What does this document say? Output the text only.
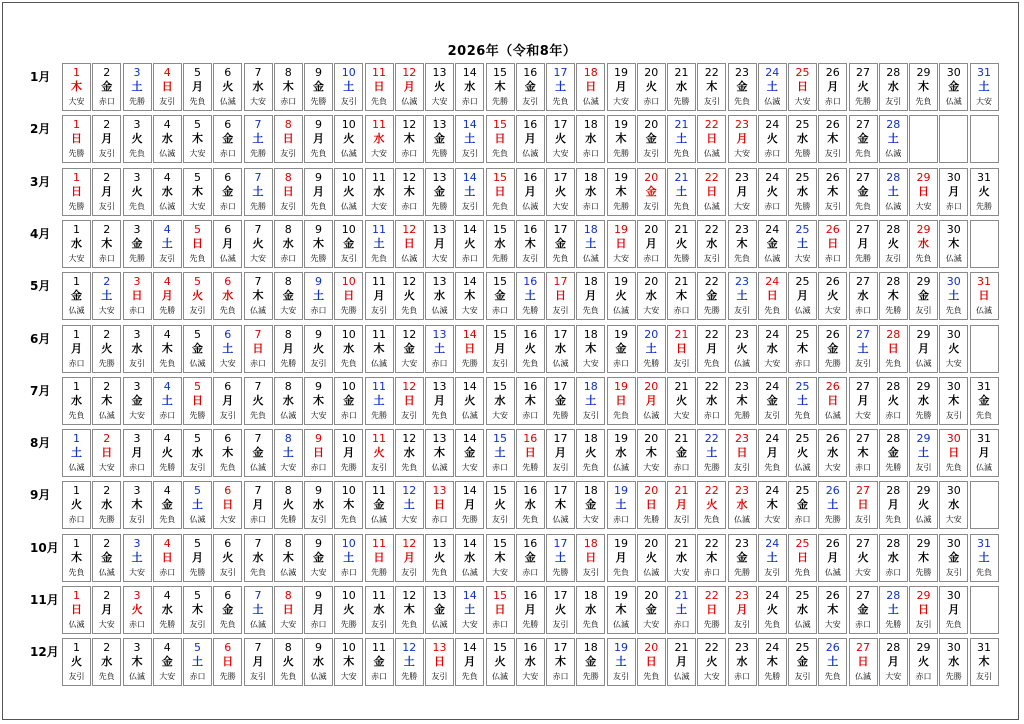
2026年（令和8年）
1月	1
木
大安
2
金
赤口
3
土
先勝
4
日
友引
5
月
先負
6
火
仏滅
7
水
大安
8
木
赤口
9
金
先勝
10
土
友引
11
日
先負
12
月
仏滅
13
火
大安
14
水
赤口
15
木
先勝
16
金
友引
17
土
先負
18
日
仏滅
19
月
大安
20
火
赤口
21
水
先勝
22
木
友引
23
金
先負
24
土
仏滅
25
日
大安
26
月
赤口
27
火
先勝
28
水
友引
29
木
先負
30
金
仏滅
31
土
大安
2月	1
日
先勝
2
月
友引
3
火
先負
4
水
仏滅
5
木
大安
6
金
赤口
7
土
先勝
8
日
友引
9
月
先負
10
火
仏滅
11
水
大安
12
木
赤口
13
金
先勝
14
土
友引
15
日
先負
16
月
仏滅
17
火
大安
18
水
赤口
19
木
先勝
20
金
友引
21
土
先負
22
日
仏滅
23
月
大安
24
火
赤口
25
水
先勝
26
木
友引
27
金
先負
28
土
仏滅
3月	1
日
先勝
2
月
友引
3
火
先負
4
水
仏滅
5
木
大安
6
金
赤口
7
土
先勝
8
日
友引
9
月
先負
10
火
仏滅
11
水
大安
12
木
赤口
13
金
先勝
14
土
友引
15
日
先負
16
月
仏滅
17
火
大安
18
水
赤口
19
木
先勝
20
金
友引
21
土
先負
22
日
仏滅
23
月
大安
24
火
赤口
25
水
先勝
26
木
友引
27
金
先負
28
土
仏滅
29
日
大安
30
月
赤口
31
火
先勝
4月	1
水
大安
2
木
赤口
3
金
先勝
4
土
友引
5
日
先負
6
月
仏滅
7
火
大安
8
水
赤口
9
木
先勝
10
金
友引
11
土
先負
12
日
仏滅
13
月
大安
14
火
赤口
15
水
先勝
16
木
友引
17
金
先負
18
土
仏滅
19
日
大安
20
月
赤口
21
火
先勝
22
水
友引
23
木
先負
24
金
仏滅
25
土
大安
26
日
赤口
27
月
先勝
28
火
友引
29
水
先負
30
木
仏滅
5月	1
金
仏滅
2
土
大安
3
日
赤口
4
月
先勝
5
火
友引
6
水
先負
7
木
仏滅
8
金
大安
9
土
赤口
10
日
先勝
11
月
友引
12
火
先負
13
水
仏滅
14
木
大安
15
金
赤口
16
土
先勝
17
日
友引
18
月
先負
19
火
仏滅
20
水
大安
21
木
赤口
22
金
先勝
23
土
友引
24
日
先負
25
月
仏滅
26
火
大安
27
水
赤口
28
木
先勝
29
金
友引
30
土
先負
31
日
仏滅
6月	1
月
赤口
2
火
先勝
3
水
友引
4
木
先負
5
金
仏滅
6
土
大安
7
日
赤口
8
月
先勝
9
火
友引
10
水
先負
11
木
仏滅
12
金
大安
13
土
赤口
14
日
先勝
15
月
友引
16
火
先負
17
水
仏滅
18
木
大安
19
金
赤口
20
土
先勝
21
日
友引
22
月
先負
23
火
仏滅
24
水
大安
25
木
赤口
26
金
先勝
27
土
友引
28
日
先負
29
月
仏滅
30
火
大安
7月	1
水
先負
2
木
仏滅
3
金
大安
4
土
赤口
5
日
先勝
6
月
友引
7
火
先負
8
水
仏滅
9
木
大安
10
金
赤口
11
土
先勝
12
日
友引
13
月
先負
14
火
仏滅
15
水
大安
16
木
赤口
17
金
先勝
18
土
友引
19
日
先負
20
月
仏滅
21
火
大安
22
水
赤口
23
木
先勝
24
金
友引
25
土
先負
26
日
仏滅
27
月
大安
28
火
赤口
29
水
先勝
30
木
友引
31
金
先負
8月	1
土
仏滅
2
日
大安
3
月
赤口
4
火
先勝
5
水
友引
6
木
先負
7
金
仏滅
8
土
大安
9
日
赤口
10
月
先勝
11
火
友引
12
水
先負
13
木
仏滅
14
金
大安
15
土
赤口
16
日
先勝
17
月
友引
18
火
先負
19
水
仏滅
20
木
大安
21
金
赤口
22
土
先勝
23
日
友引
24
月
先負
25
火
仏滅
26
水
大安
27
木
赤口
28
金
先勝
29
土
友引
30
日
先負
31
月
仏滅
9月	1
火
赤口
2
水
先勝
3
木
友引
4
金
先負
5
土
仏滅
6
日
大安
7
月
赤口
8
火
先勝
9
水
友引
10
木
先負
11
金
仏滅
12
土
大安
13
日
赤口
14
月
先勝
15
火
友引
16
水
先負
17
木
仏滅
18
金
大安
19
土
赤口
20
日
先勝
21
月
友引
22
火
先負
23
水
仏滅
24
木
大安
25
金
赤口
26
土
先勝
27
日
友引
28
月
先負
29
火
仏滅
30
水
大安
10月	1
木
先負
2
金
仏滅
3
土
大安
4
日
赤口
5
月
先勝
6
火
友引
7
水
先負
8
木
仏滅
9
金
大安
10
土
赤口
11
日
先勝
12
月
友引
13
火
先負
14
水
仏滅
15
木
大安
16
金
赤口
17
土
先勝
18
日
友引
19
月
先負
20
火
仏滅
21
水
大安
22
木
赤口
23
金
先勝
24
土
友引
25
日
先負
26
月
仏滅
27
火
大安
28
水
赤口
29
木
先勝
30
金
友引
31
土
先負
11月	1
日
仏滅
2
月
大安
3
火
赤口
4
水
先勝
5
木
友引
6
金
先負
7
土
仏滅
8
日
大安
9
月
赤口
10
火
先勝
11
水
友引
12
木
先負
13
金
仏滅
14
土
大安
15
日
赤口
16
月
先勝
17
火
友引
18
水
先負
19
木
仏滅
20
金
大安
21
土
赤口
22
日
先勝
23
月
友引
24
火
先負
25
水
仏滅
26
木
大安
27
金
赤口
28
土
先勝
29
日
友引
30
月
先負
12月	1
火
友引
2
水
先負
3
木
仏滅
4
金
大安
5
土
赤口
6
日
先勝
7
月
友引
8
火
先負
9
水
仏滅
10
木
大安
11
金
赤口
12
土
先勝
13
日
友引
14
月
先負
15
火
仏滅
16
水
大安
17
木
赤口
18
金
先勝
19
土
友引
20
日
先負
21
月
仏滅
22
火
大安
23
水
赤口
24
木
先勝
25
金
友引
26
土
先負
27
日
仏滅
28
月
大安
29
火
赤口
30
水
先勝
31
木
友引
